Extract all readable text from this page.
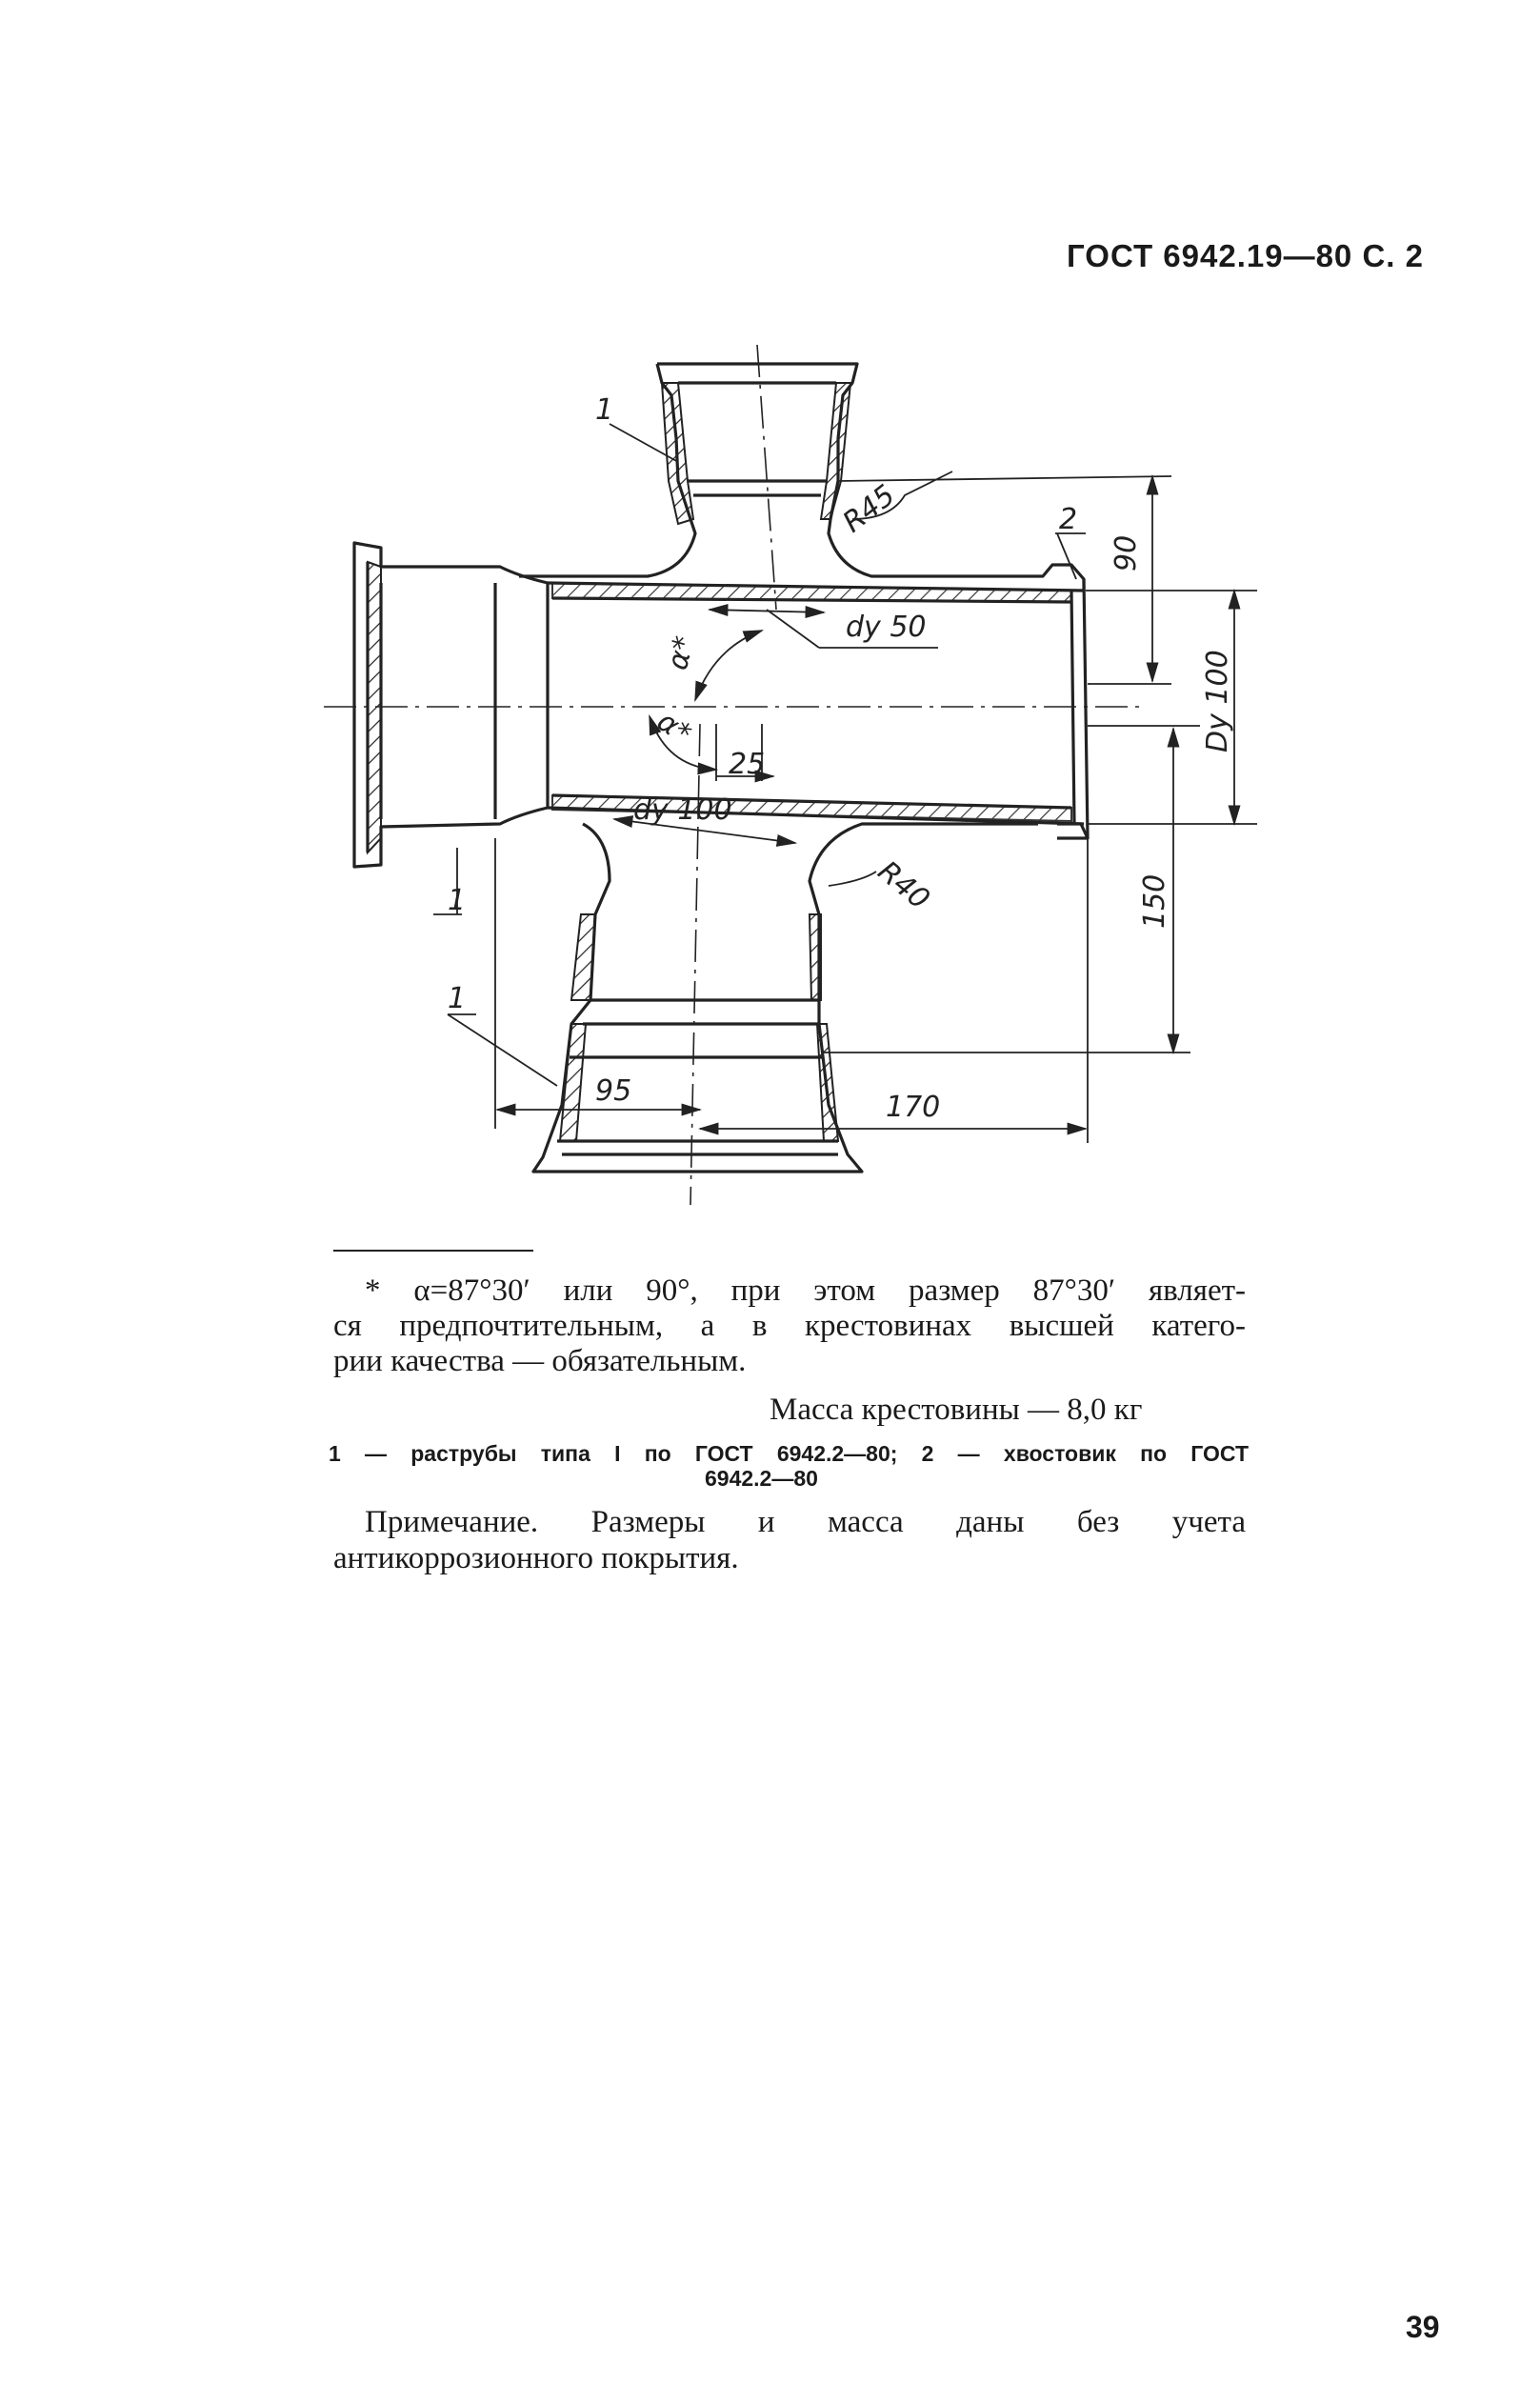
ГОСТ 6942.19—80 С. 2
1
2
1
1
R45
90
dу 50
Dу 100
α*
α*
25
dу 100
R40	150
95	170
* α=87°30′ или 90°, при этом размер 87°30′ являет-
ся предпочтительным, а в крестовинах высшей катего-
рии качества — обязательным.
Масса крестовины — 8,0 кг
1 — раструбы типа I по ГОСТ 6942.2—80; 2 — хвостовик по ГОСТ
6942.2—80
Примечание. Размеры и масса даны без учета
антикоррозионного покрытия.
39
